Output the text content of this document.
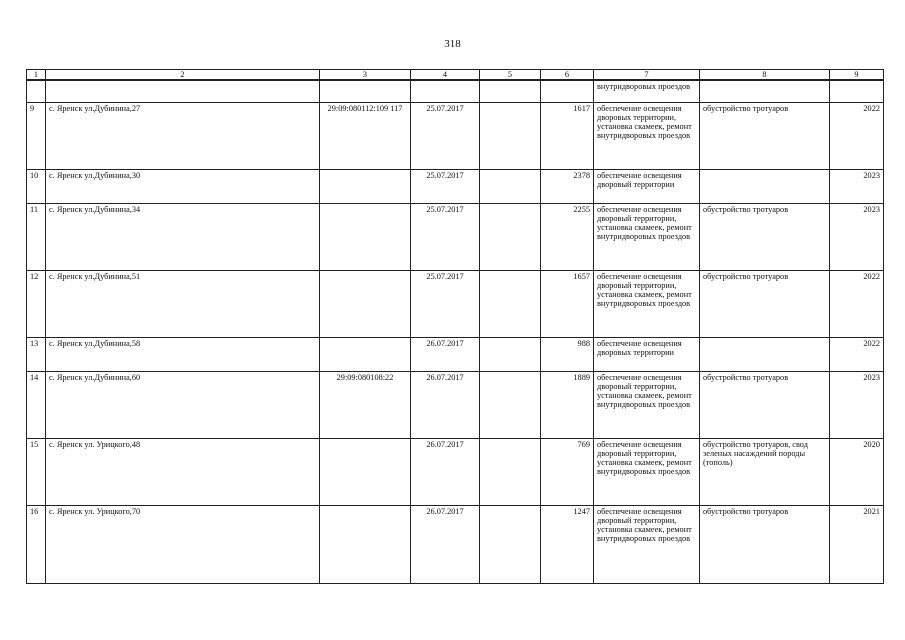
318
1	2	3	4	5	6	7	8	9
						внутридворовых проездов		
9	с. Яренск ул.Дубинина,27	29:09:080112:109 117	25.07.2017		1617	обеспечение освещения дворовых территории, установка скамеек, ремонт внутридворовых проездов	обустройство тротуаров	2022
10	с. Яренск ул.Дубинина,30		25.07.2017		2378	обеспечение освещения дворовый территории		2023
11	с. Яренск ул.Дубинина,34		25.07.2017		2255	обеспечение освещения дворовый территории, установка скамеек, ремонт внутридворовых проездов	обустройство тротуаров	2023
12	с. Яренск ул.Дубинина,51		25.07.2017		1657	обеспечение освещения дворовый территории, установка скамеек, ремонт внутридворовых проездов	обустройство тротуаров	2022
13	с. Яренск ул.Дубинина,58		26.07.2017		988	обеспечение освещения дворовых территории		2022
14	с. Яренск ул.Дубинина,60	29:09:080108:22	26.07.2017		1889	обеспечение освещения дворовый территории, установка скамеек, ремонт внутридворовых проездов	обустройство тротуаров	2023
15	с. Яренск ул. Урицкого,48		26.07.2017		769	обеспечение освещения дворовый территории, установка скамеек, ремонт внутридворовых проездов	обустройство тротуаров, свод зеленых насаждений породы (тополь)	2020
16	с. Яренск ул. Урицкого,70		26.07.2017		1247	обеспечение освещения дворовый территории, установка скамеек, ремонт внутридворовых проездов	обустройство тротуаров	2021
